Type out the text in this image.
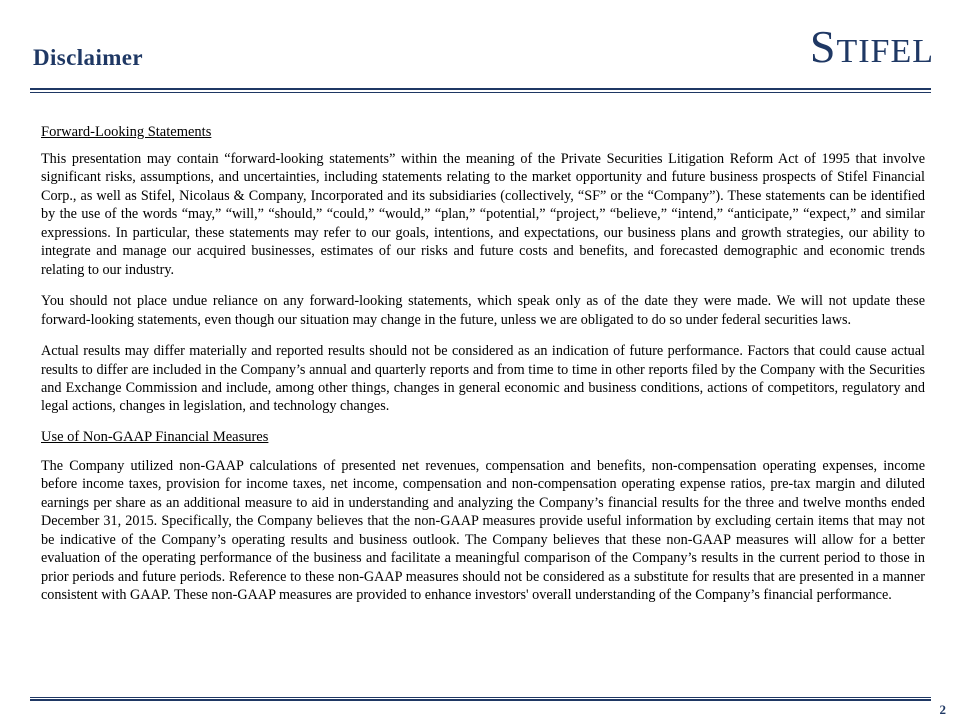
Disclaimer	STIFEL
Forward-Looking Statements

This presentation may contain “forward-looking statements” within the meaning of the Private Securities Litigation Reform Act of 1995 that involve significant risks, assumptions, and uncertainties, including statements relating to the market opportunity and future business prospects of Stifel Financial Corp., as well as Stifel, Nicolaus & Company, Incorporated and its subsidiaries (collectively, “SF” or the “Company”). These statements can be identified by the use of the words “may,” “will,” “should,” “could,” “would,” “plan,” “potential,” “project,” “believe,” “intend,” “anticipate,” “expect,” and similar expressions. In particular, these statements may refer to our goals, intentions, and expectations, our business plans and growth strategies, our ability to integrate and manage our acquired businesses, estimates of our risks and future costs and benefits, and forecasted demographic and economic trends relating to our industry.

You should not place undue reliance on any forward-looking statements, which speak only as of the date they were made. We will not update these forward-looking statements, even though our situation may change in the future, unless we are obligated to do so under federal securities laws.

Actual results may differ materially and reported results should not be considered as an indication of future performance. Factors that could cause actual results to differ are included in the Company’s annual and quarterly reports and from time to time in other reports filed by the Company with the Securities and Exchange Commission and include, among other things, changes in general economic and business conditions, actions of competitors, regulatory and legal actions, changes in legislation, and technology changes.

Use of Non-GAAP Financial Measures

The Company utilized non-GAAP calculations of presented net revenues, compensation and benefits, non-compensation operating expenses, income before income taxes, provision for income taxes, net income, compensation and non-compensation operating expense ratios, pre-tax margin and diluted earnings per share as an additional measure to aid in understanding and analyzing the Company’s financial results for the three and twelve months ended December 31, 2015. Specifically, the Company believes that the non-GAAP measures provide useful information by excluding certain items that may not be indicative of the Company’s operating results and business outlook. The Company believes that these non-GAAP measures will allow for a better evaluation of the operating performance of the business and facilitate a meaningful comparison of the Company’s results in the current period to those in prior periods and future periods. Reference to these non-GAAP measures should not be considered as a substitute for results that are presented in a manner consistent with GAAP. These non-GAAP measures are provided to enhance investors' overall understanding of the Company’s financial performance.

2
